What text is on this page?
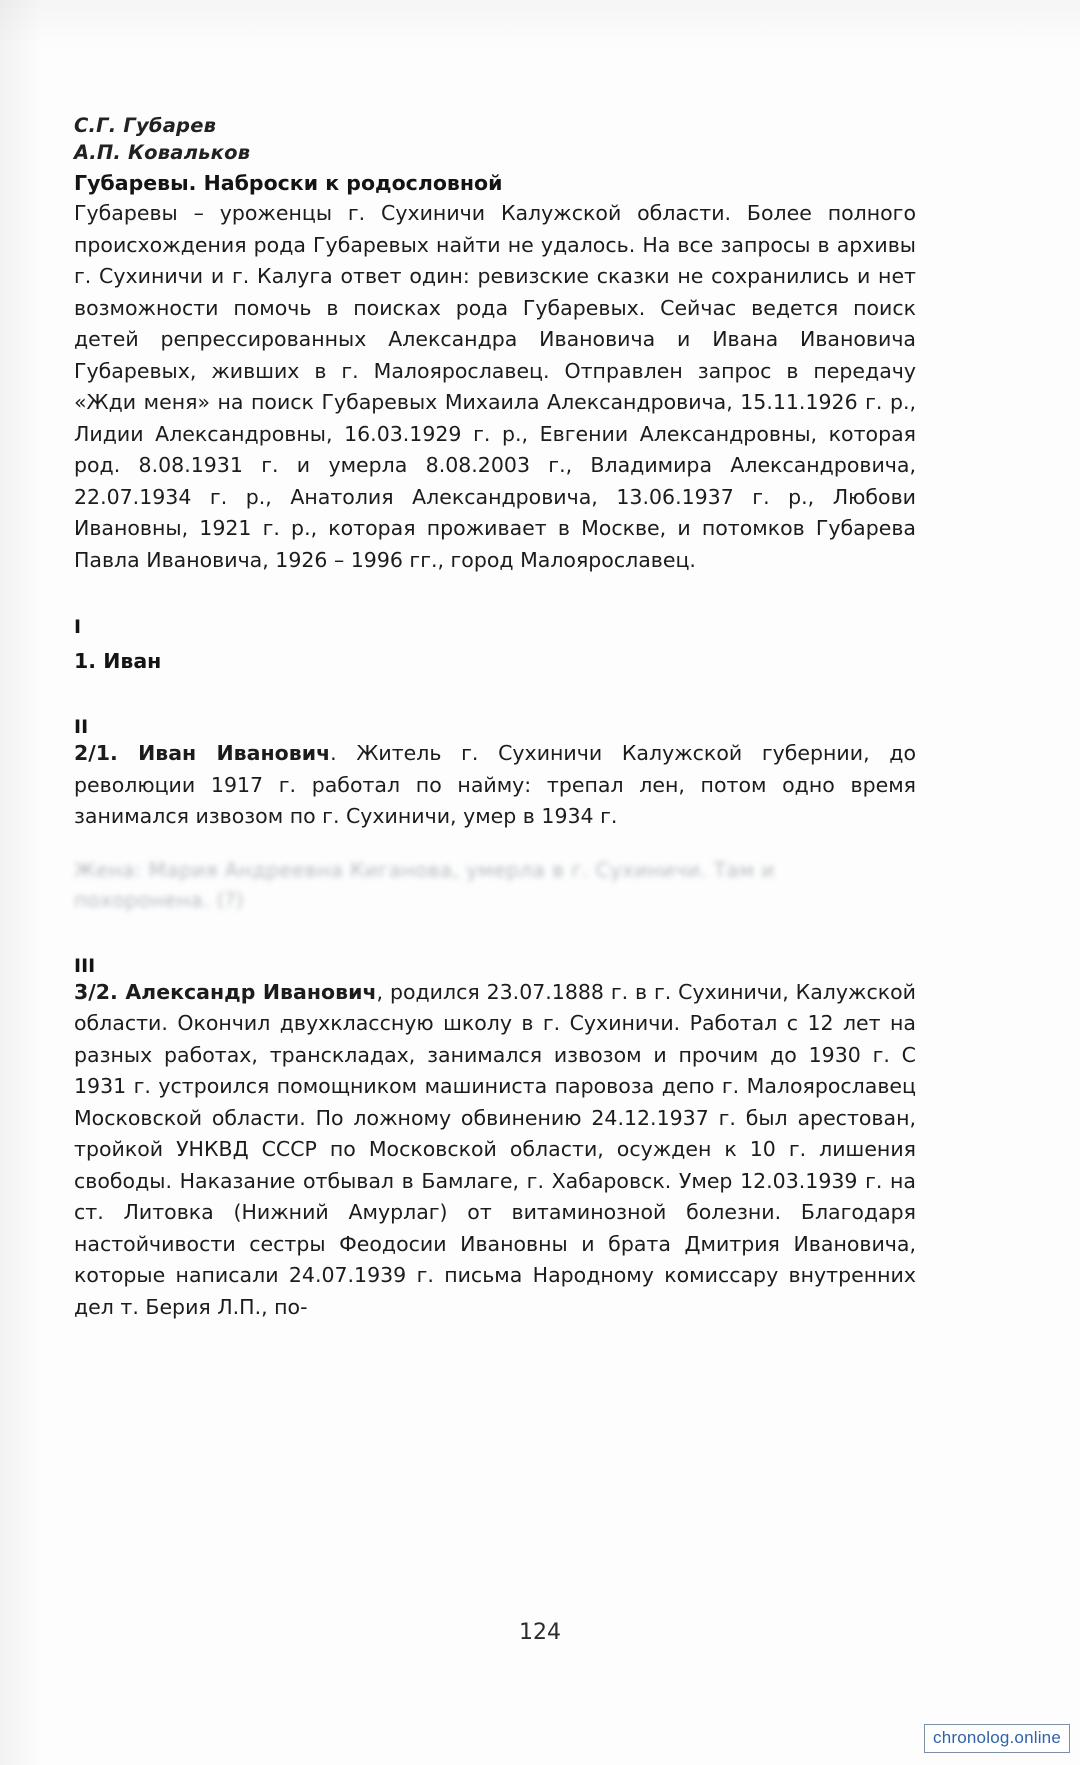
С.Г. Губарев
А.П. Ковальков
Губаревы. Наброски к родословной

Губаревы – уроженцы г. Сухиничи Калужской области. Более полного происхождения рода Губаревых найти не удалось. На все запросы в архивы г. Сухиничи и г. Калуга ответ один: ревизские сказки не сохранились и нет возможности помочь в поисках рода Губаревых. Сейчас ведется поиск детей репрессированных Александра Ивановича и Ивана Ивановича Губаревых, живших в г. Малоярославец. Отправлен запрос в передачу «Жди меня» на поиск Губаревых Михаила Александровича, 15.11.1926 г. р., Лидии Александровны, 16.03.1929 г. р., Евгении Александровны, которая род. 8.08.1931 г. и умерла 8.08.2003 г., Владимира Александровича, 22.07.1934 г. р., Анатолия Александровича, 13.06.1937 г. р., Любови Ивановны, 1921 г. р., которая проживает в Москве, и потомков Губарева Павла Ивановича, 1926 – 1996 гг., город Малоярославец.

I
1. Иван
II

2/1. Иван Иванович. Житель г. Сухиничи Калужской губернии, до революции 1917 г. работал по найму: трепал лен, потом одно время занимался извозом по г. Сухиничи, умер в 1934 г.

Жена: Мария Андреевна Киганова, умерла в г. Сухиничи. Там и похоронена. (?)
III

3/2. Александр Иванович, родился 23.07.1888 г. в г. Сухиничи, Калужской области. Окончил двухклассную школу в г. Сухиничи. Работал с 12 лет на разных работах, транскладах, занимался извозом и прочим до 1930 г. С 1931 г. устроился помощником машиниста паровоза депо г. Малоярославец Московской области. По ложному обвинению 24.12.1937 г. был арестован, тройкой УНКВД СССР по Московской области, осужден к 10 г. лишения свободы. Наказание отбывал в Бамлаге, г. Хабаровск. Умер 12.03.1939 г. на ст. Литовка (Нижний Амурлаг) от витаминозной болезни. Благодаря настойчивости сестры Феодосии Ивановны и брата Дмитрия Ивановича, которые написали 24.07.1939 г. письма Народному комиссару внутренних дел т. Берия Л.П., по-

124
chronolog.online
